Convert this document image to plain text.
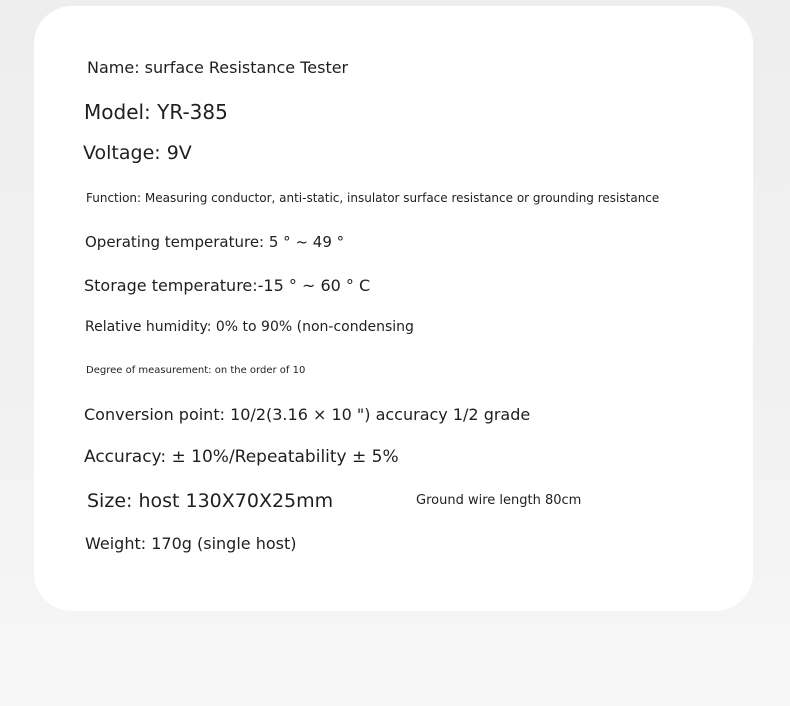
Name: surface Resistance Tester
Model: YR-385
Voltage: 9V
Function: Measuring conductor, anti-static, insulator surface resistance or grounding resistance
Operating temperature: 5 ° ~ 49 °
Storage temperature:-15 ° ~ 60 ° C
Relative humidity: 0% to 90% (non-condensing
Degree of measurement: on the order of 10
Conversion point: 10/2(3.16 × 10 ") accuracy 1/2 grade
Accuracy: ± 10%/Repeatability ± 5%
Size: host 130X70X25mm	Ground wire length 80cm
Weight: 170g (single host)
